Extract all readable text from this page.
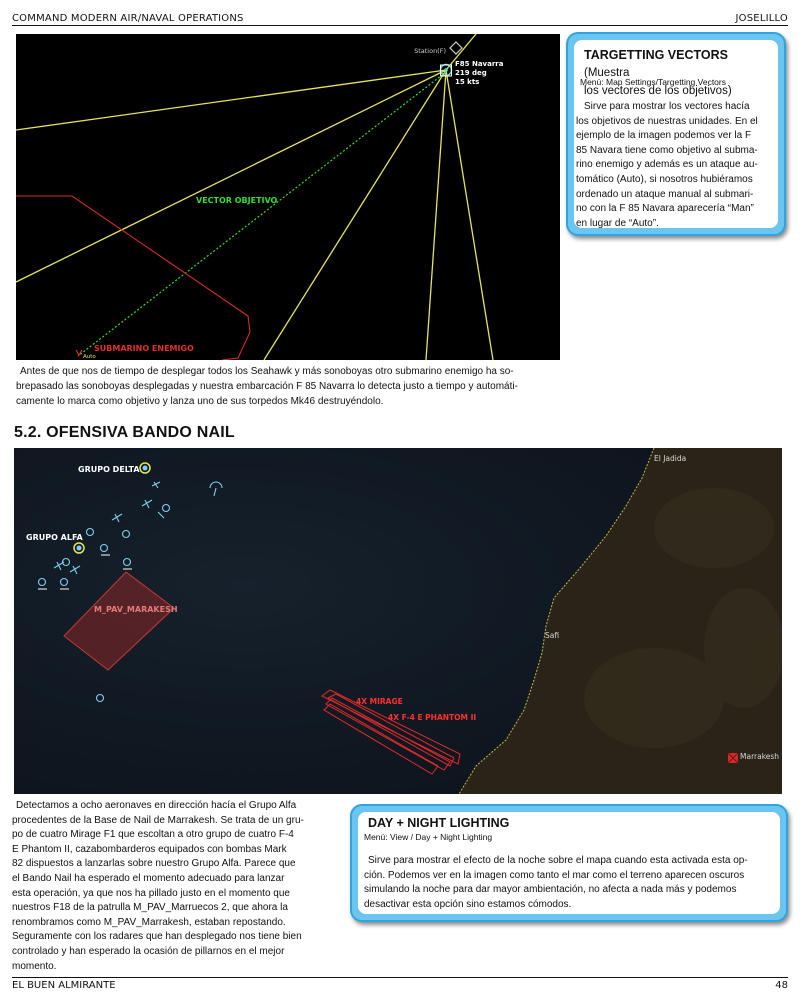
COMMAND MODERN AIR/NAVAL OPERATIONS	JOSELILLO
Station(F)
F85 Navarra
219 deg
15 kts
VECTOR OBJETIVO
SUBMARINO ENEMIGO
Auto
TARGETTING VECTORS (Muestra
los vectores de los objetivos)
Menú: Map Settings/Targetting Vectors
Sirve para mostrar los vectores hacía
los objetivos de nuestras unidades. En el
ejemplo de la imagen podemos ver la F
85 Navara tiene como objetivo al subma-
rino enemigo y además es un ataque au-
tomático (Auto), si nosotros hubiéramos
ordenado un ataque manual al submari-
no con la F 85 Navara aparecería “Man”
en lugar de “Auto”.
Antes de que nos de tiempo de desplegar todos los Seahawk y más sonoboyas otro submarino enemigo ha so-
brepasado las sonoboyas desplegadas y nuestra embarcación F 85 Navarra lo detecta justo a tiempo y automáti-
camente lo marca como objetivo y lanza uno de sus torpedos Mk46 destruyéndolo.
5.2. OFENSIVA BANDO NAIL
M_PAV_MARAKESH
4X MIRAGE
4X F-4 E PHANTOM II
GRUPO DELTA
GRUPO ALFA
El Jadida
Safi
Marrakesh
Detectamos a ocho aeronaves en dirección hacía el Grupo Alfa
procedentes de la Base de Nail de Marrakesh. Se trata de un gru-
po de cuatro Mirage F1 que escoltan a otro grupo de cuatro F-4
E Phantom II, cazabombarderos equipados con bombas Mark
82 dispuestos a lanzarlas sobre nuestro Grupo Alfa. Parece que
el Bando Nail ha esperado el momento adecuado para lanzar
esta operación, ya que nos ha pillado justo en el momento que
nuestros F18 de la patrulla M_PAV_Marruecos 2, que ahora la
renombramos como M_PAV_Marrakesh, estaban repostando.
Seguramente con los radares que han desplegado nos tiene bien
controlado y han esperado la ocasión de pillarnos en el mejor
momento.
DAY + NIGHT LIGHTING
Menú: View / Day + Night Lighting
Sirve para mostrar el efecto de la noche sobre el mapa cuando esta activada esta op-
ción. Podemos ver en la imagen como tanto el mar como el terreno aparecen oscuros
simulando la noche para dar mayor ambientación, no afecta a nada más y podemos
desactivar esta opción sino estamos cómodos.
EL BUEN ALMIRANTE	48
